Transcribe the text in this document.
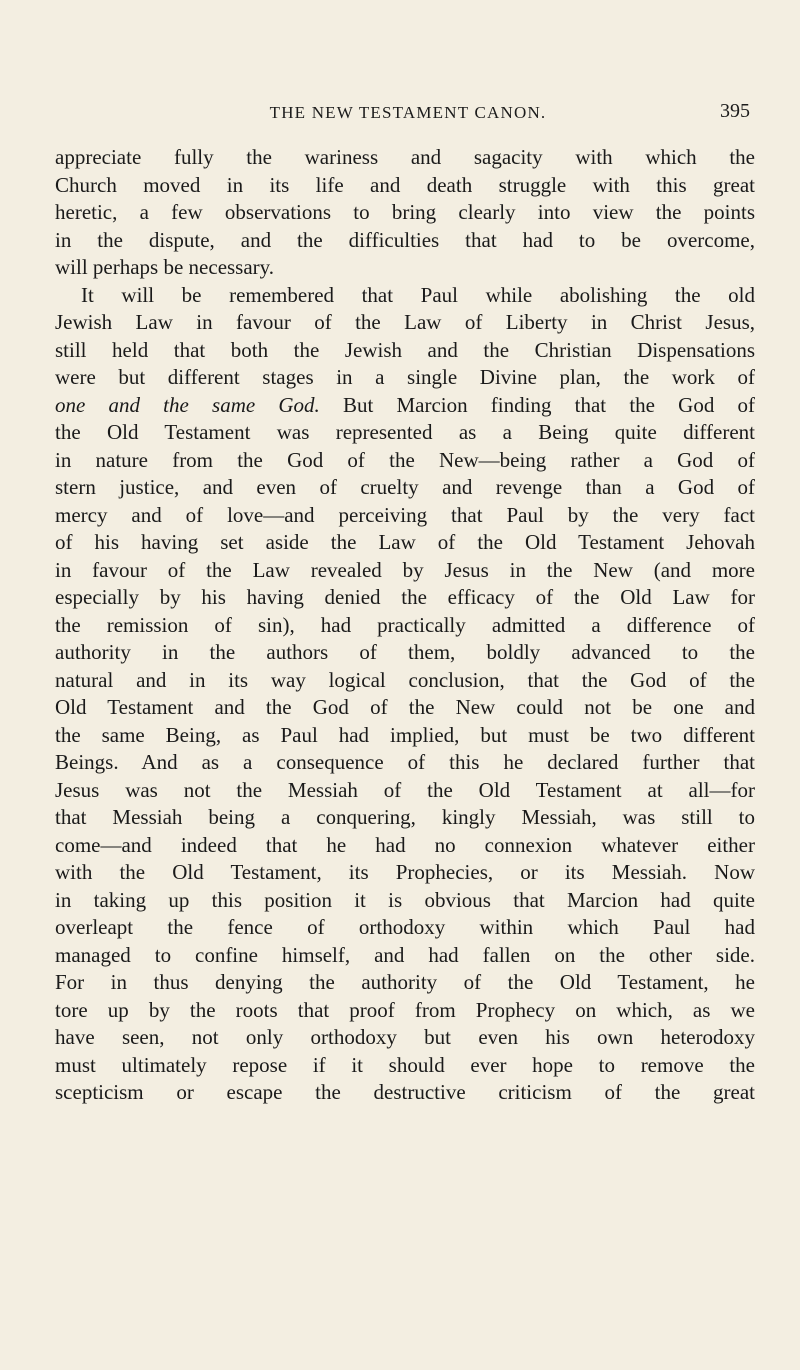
THE NEW TESTAMENT CANON.	395
appreciate fully the wariness and sagacity with which the
Church moved in its life and death struggle with this great
heretic, a few observations to bring clearly into view the points
in the dispute, and the difficulties that had to be overcome,
will perhaps be necessary.
It will be remembered that Paul while abolishing the old
Jewish Law in favour of the Law of Liberty in Christ Jesus,
still held that both the Jewish and the Christian Dispensations
were but different stages in a single Divine plan, the work of
one and the same God. But Marcion finding that the God of
the Old Testament was represented as a Being quite different
in nature from the God of the New—being rather a God of
stern justice, and even of cruelty and revenge than a God of
mercy and of love—and perceiving that Paul by the very fact
of his having set aside the Law of the Old Testament Jehovah
in favour of the Law revealed by Jesus in the New (and more
especially by his having denied the efficacy of the Old Law for
the remission of sin), had practically admitted a difference of
authority in the authors of them, boldly advanced to the
natural and in its way logical conclusion, that the God of the
Old Testament and the God of the New could not be one and
the same Being, as Paul had implied, but must be two different
Beings. And as a consequence of this he declared further that
Jesus was not the Messiah of the Old Testament at all—for
that Messiah being a conquering, kingly Messiah, was still to
come—and indeed that he had no connexion whatever either
with the Old Testament, its Prophecies, or its Messiah. Now
in taking up this position it is obvious that Marcion had quite
overleapt the fence of orthodoxy within which Paul had
managed to confine himself, and had fallen on the other side.
For in thus denying the authority of the Old Testament, he
tore up by the roots that proof from Prophecy on which, as we
have seen, not only orthodoxy but even his own heterodoxy
must ultimately repose if it should ever hope to remove the
scepticism or escape the destructive criticism of the great
